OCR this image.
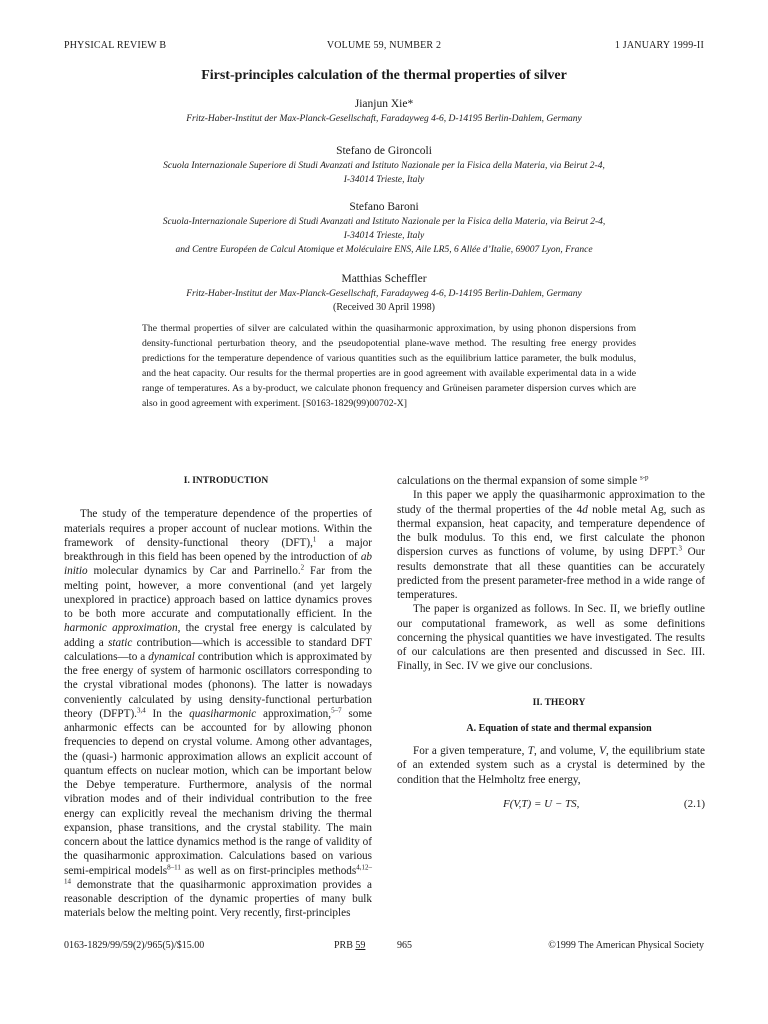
PHYSICAL REVIEW B	VOLUME 59, NUMBER 2	1 JANUARY 1999-II
First-principles calculation of the thermal properties of silver
Jianjun Xie*
Fritz-Haber-Institut der Max-Planck-Gesellschaft, Faradayweg 4-6, D-14195 Berlin-Dahlem, Germany
Stefano de Gironcoli
Scuola Internazionale Superiore di Studi Avanzati and Istituto Nazionale per la Fisica della Materia, via Beirut 2-4,
I-34014 Trieste, Italy
Stefano Baroni
Scuola-Internazionale Superiore di Studi Avanzati and Istituto Nazionale per la Fisica della Materia, via Beirut 2-4,
I-34014 Trieste, Italy
and Centre Européen de Calcul Atomique et Moléculaire ENS, Aile LR5, 6 Allée d’Italie, 69007 Lyon, France
Matthias Scheffler
Fritz-Haber-Institut der Max-Planck-Gesellschaft, Faradayweg 4-6, D-14195 Berlin-Dahlem, Germany
(Received 30 April 1998)
The thermal properties of silver are calculated within the quasiharmonic approximation, by using phonon dispersions from density-functional perturbation theory, and the pseudopotential plane-wave method. The resulting free energy provides predictions for the temperature dependence of various quantities such as the equilibrium lattice parameter, the bulk modulus, and the heat capacity. Our results for the thermal properties are in good agreement with available experimental data in a wide range of temperatures. As a by-product, we calculate phonon frequency and Grüneisen parameter dispersion curves which are also in good agreement with experiment. [S0163-1829(99)00702-X]

I. INTRODUCTION

The study of the temperature dependence of the properties of materials requires a proper account of nuclear motions. Within the framework of density-functional theory (DFT),$^1$ a major breakthrough in this field has been opened by the introduction of ab initio molecular dynamics by Car and Parrinello.$^2$ Far from the melting point, however, a more conventional (and yet largely unexplored in practice) approach based on lattice dynamics proves to be both more accurate and computationally efficient. In the harmonic approximation, the crystal free energy is calculated by adding a static contribution—which is accessible to standard DFT calculations—to a dynamical contribution which is approximated by the free energy of system of harmonic oscillators corresponding to the crystal vibrational modes (phonons). The latter is nowadays conveniently calculated by using density-functional perturbation theory (DFPT).$^{3,4}$ In the quasiharmonic approximation,$^{5-7}$ some anharmonic effects can be accounted for by allowing phonon frequencies to depend on crystal volume. Among other advantages, the (quasi-) harmonic approximation allows an explicit account of quantum effects on nuclear motion, which can be important below the Debye temperature. Furthermore, analysis of the normal vibration modes and of their individual contribution to the free energy can explicitly reveal the mechanism driving the thermal expansion, phase transitions, and the crystal stability. The main concern about the lattice dynamics method is the range of validity of the quasiharmonic approximation. Calculations based on various semi-empirical models$^{8-11}$ as well as on first-principles methods$^{4,12-14}$ demonstrate that the quasiharmonic approximation provides a reasonable description of the dynamic properties of many bulk materials below the melting point. Very recently, first-principles

calculations on the thermal expansion of some simple $^{s-p}$

In this paper we apply the quasiharmonic approximation to the study of the thermal properties of the 4d noble metal Ag, such as thermal expansion, heat capacity, and temperature dependence of the bulk modulus. To this end, we first calculate the phonon dispersion curves as functions of volume, by using DFPT.$^3$ Our results demonstrate that all these quantities can be accurately predicted from the present parameter-free method in a wide range of temperatures.

The paper is organized as follows. In Sec. II, we briefly outline our computational framework, as well as some definitions concerning the physical quantities we have investigated. The results of our calculations are then presented and discussed in Sec. III. Finally, in Sec. IV we give our conclusions.

II. THEORY

A. Equation of state and thermal expansion

For a given temperature, T, and volume, V, the equilibrium state of an extended system such as a crystal is determined by the condition that the Helmholtz free energy,

F(V,T) = U − TS,	(2.1)
0163-1829/99/59(2)/965(5)/$15.00	PRB 59	965	©1999 The American Physical Society
